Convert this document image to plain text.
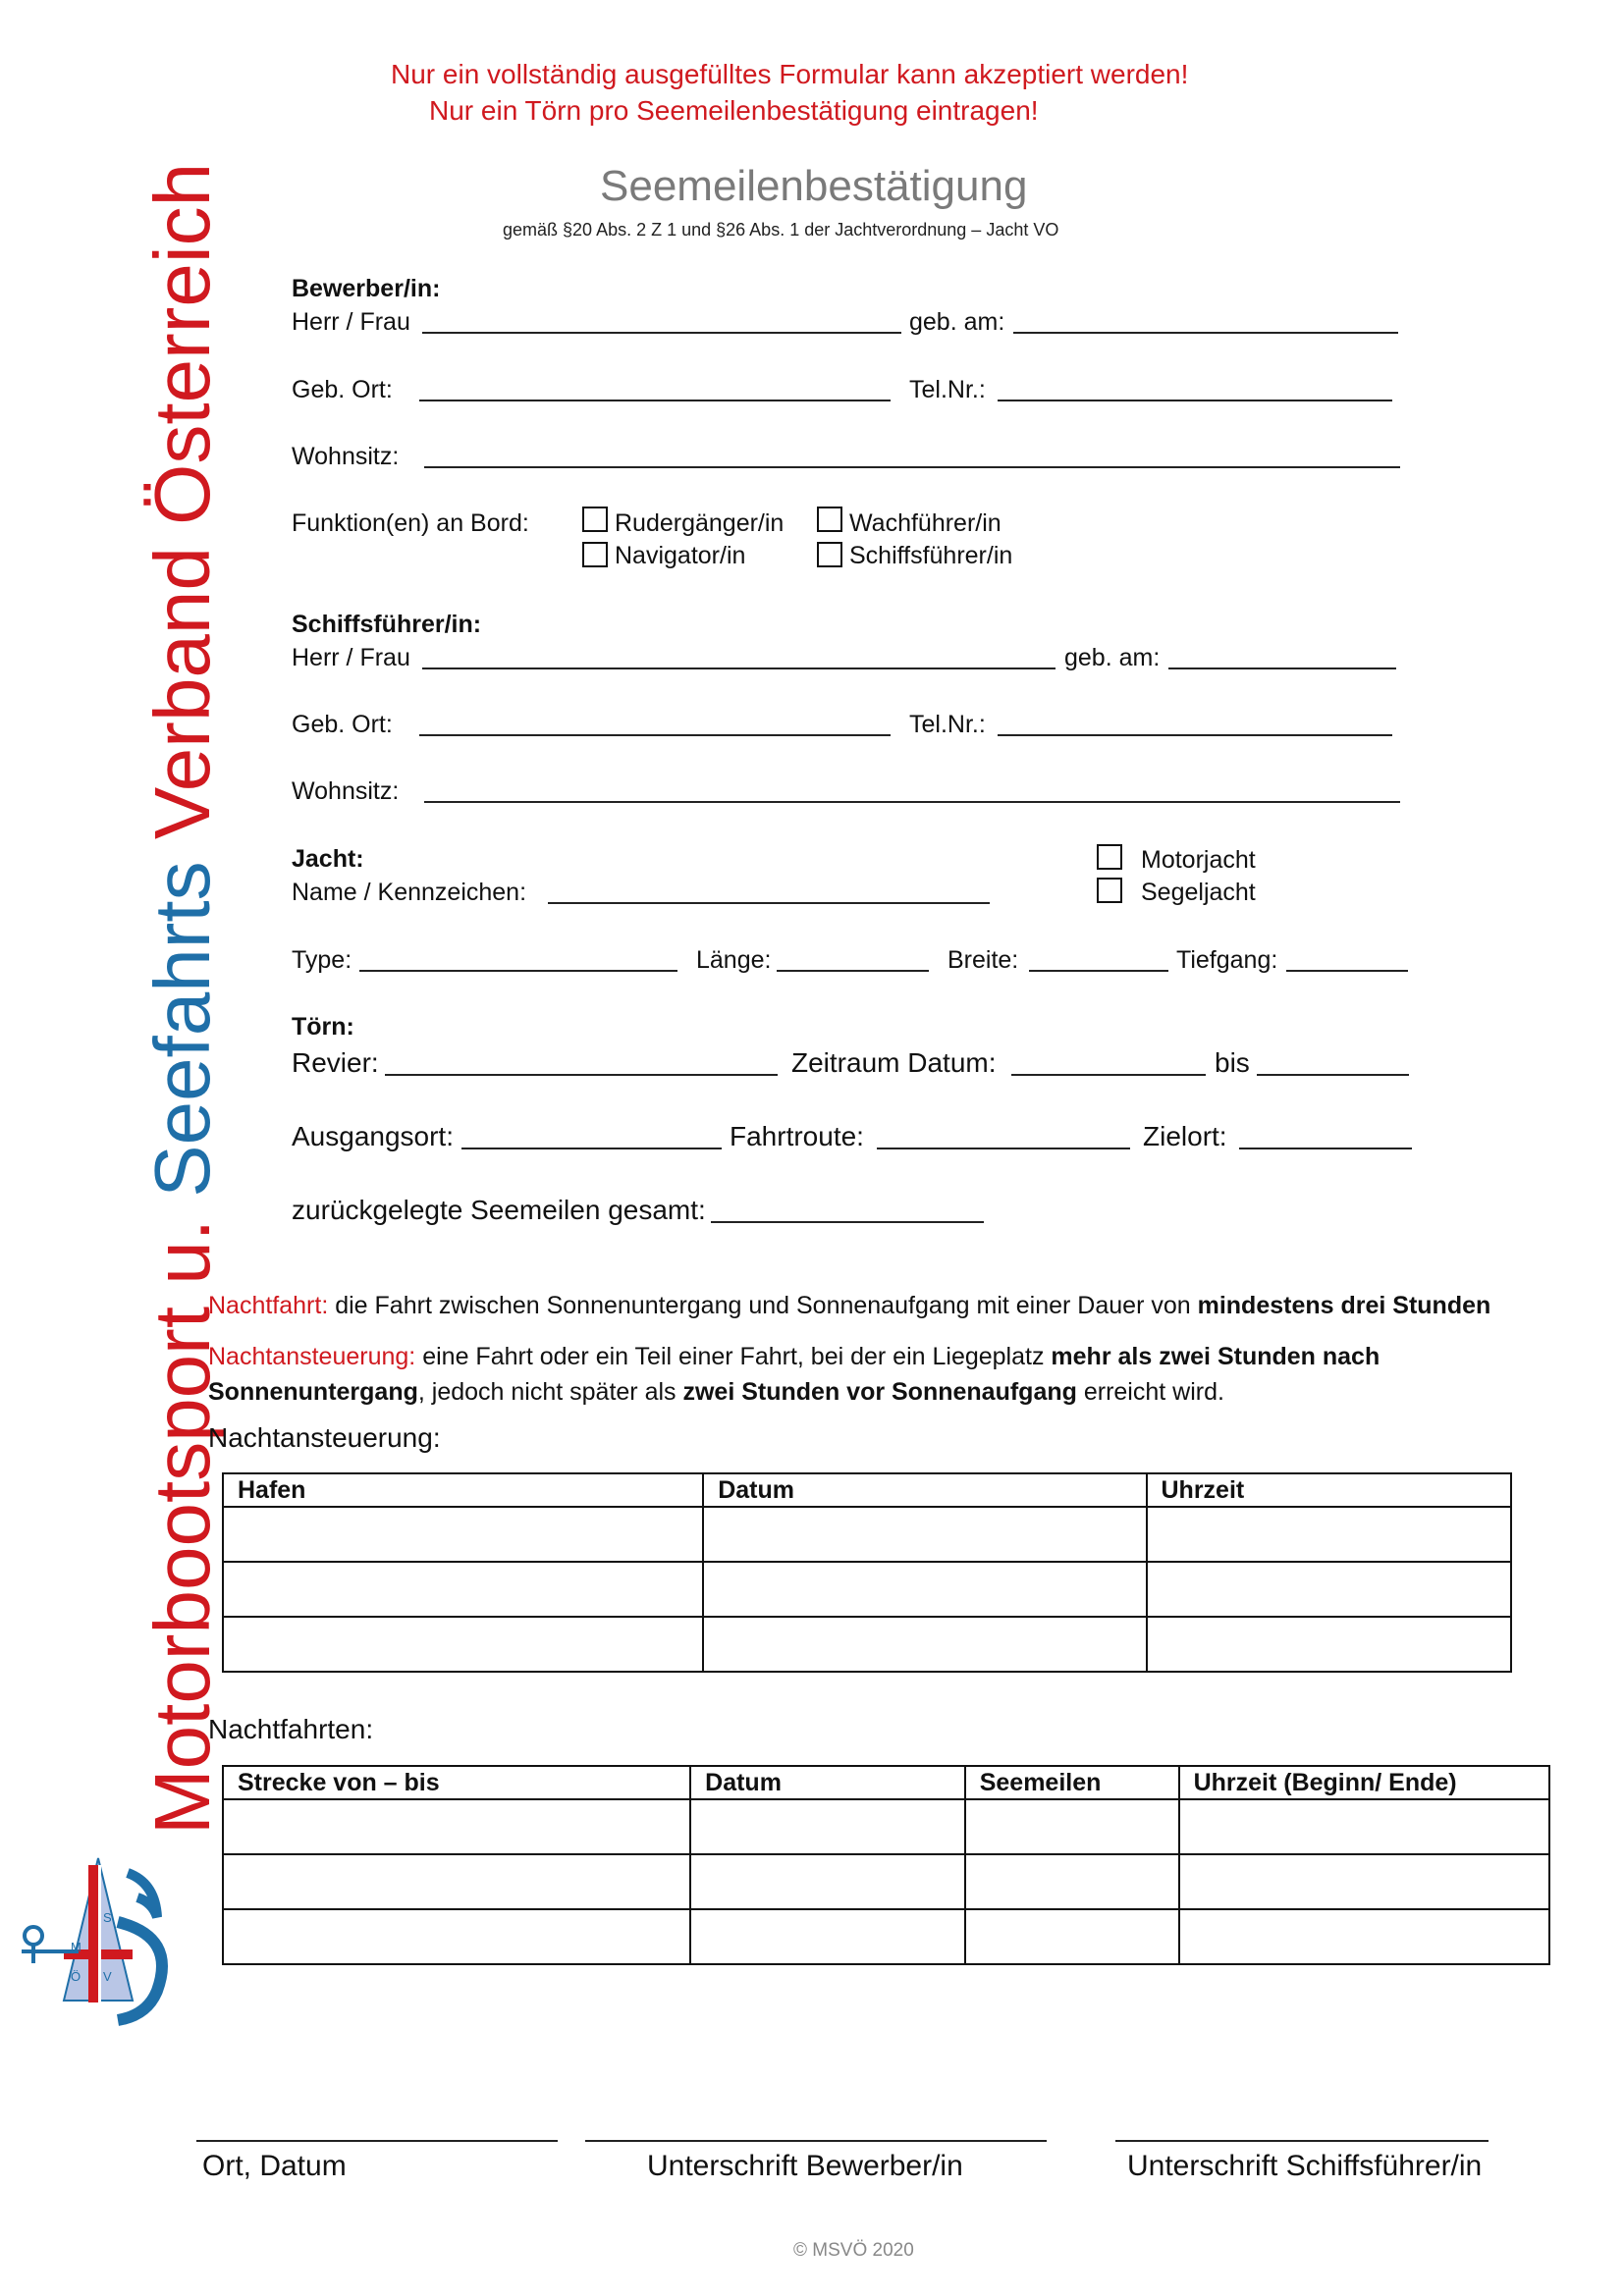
Nur ein vollständig ausgefülltes Formular kann akzeptiert werden!
Nur ein Törn pro Seemeilenbestätigung eintragen!
Seemeilenbestätigung
gemäß §20 Abs. 2 Z 1 und §26 Abs. 1 der Jachtverordnung – Jacht VO
Motorbootsport u. Seefahrts Verband Österreich
M
S
V
Ö
Bewerber/in:
Herr / Frau	geb. am:
Geb. Ort:	Tel.Nr.:
Wohnsitz:
Funktion(en) an Bord:	Rudergänger/in	Wachführer/in
Navigator/in	Schiffsführer/in
Schiffsführer/in:
Herr / Frau	geb. am:
Geb. Ort:	Tel.Nr.:
Wohnsitz:
Jacht:
Name / Kennzeichen:
Motorjacht
Segeljacht
Type:	Länge:	Breite:	Tiefgang:
Törn:
Revier:	Zeitraum Datum:	bis
Ausgangsort:	Fahrtroute:	Zielort:
zurückgelegte Seemeilen gesamt:
Nachtfahrt: die Fahrt zwischen Sonnenuntergang und Sonnenaufgang mit einer Dauer von mindestens drei Stunden
Nachtansteuerung: eine Fahrt oder ein Teil einer Fahrt, bei der ein Liegeplatz mehr als zwei Stunden nach Sonnenuntergang, jedoch nicht später als zwei Stunden vor Sonnenaufgang erreicht wird.
Nachtansteuerung:
Hafen	Datum	Uhrzeit

Nachtfahrten:
Strecke von – bis	Datum	Seemeilen	Uhrzeit (Beginn/ Ende)

Ort, Datum	Unterschrift Bewerber/in	Unterschrift Schiffsführer/in
© MSVÖ 2020
